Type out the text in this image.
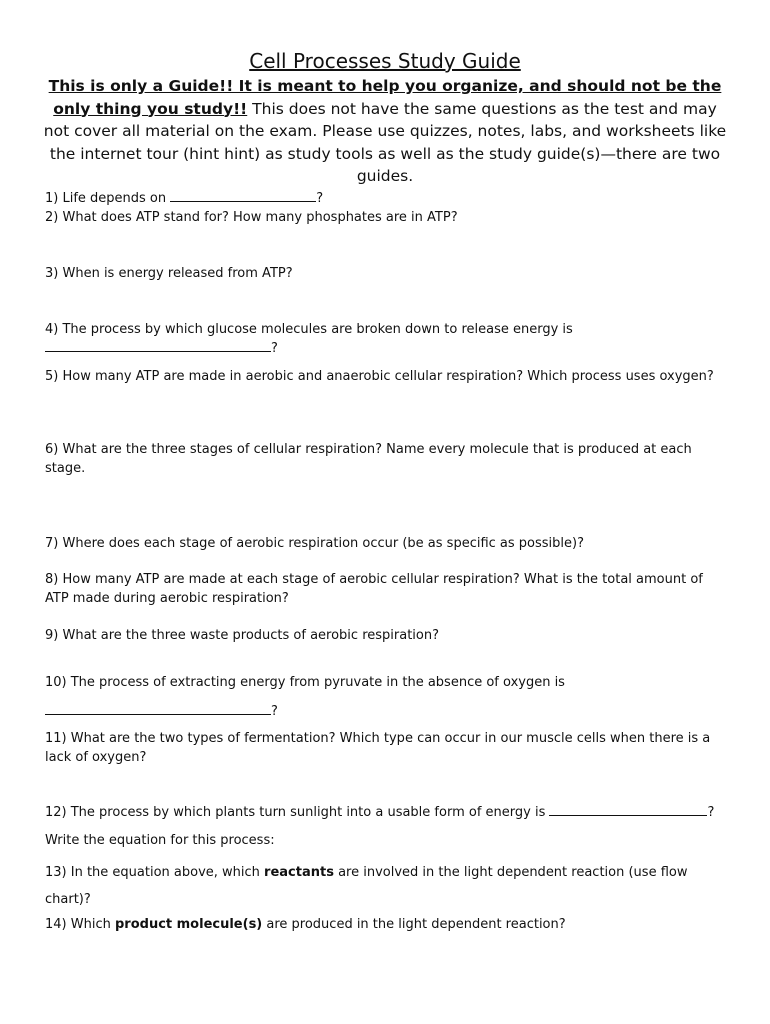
Cell Processes Study Guide
This is only a Guide!! It is meant to help you organize, and should not be the only thing you study!! This does not have the same questions as the test and may not cover all material on the exam. Please use quizzes, notes, labs, and worksheets like the internet tour (hint hint) as study tools as well as the study guide(s)—there are two guides.
1) Life depends on	?
2) What does ATP stand for? How many phosphates are in ATP?
3) When is energy released from ATP?
4) The process by which glucose molecules are broken down to release energy is
?
5) How many ATP are made in aerobic and anaerobic cellular respiration? Which process uses oxygen?
6) What are the three stages of cellular respiration? Name every molecule that is produced at each stage.
7) Where does each stage of aerobic respiration occur (be as specific as possible)?
8) How many ATP are made at each stage of aerobic cellular respiration? What is the total amount of ATP made during aerobic respiration?
9) What are the three waste products of aerobic respiration?
10) The process of extracting energy from pyruvate in the absence of oxygen is
?
11) What are the two types of fermentation? Which type can occur in our muscle cells when there is a lack of oxygen?
12) The process by which plants turn sunlight into a usable form of energy is	?
Write the equation for this process:
13) In the equation above, which reactants are involved in the light dependent reaction (use flow chart)?
14) Which product molecule(s) are produced in the light dependent reaction?
